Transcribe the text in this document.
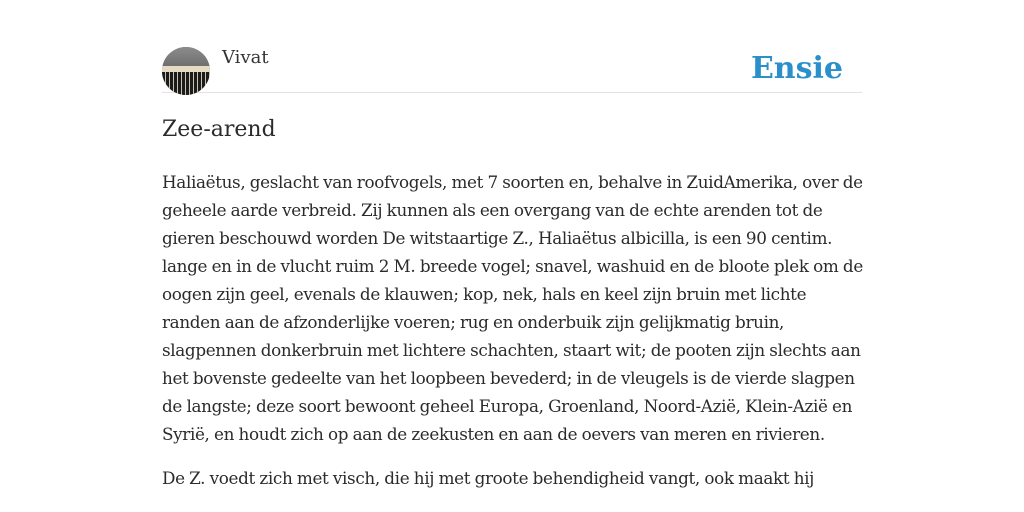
Vivat	Ensie
Zee-arend

Haliaëtus, geslacht van roofvogels, met 7 soorten en, behalve in ZuidAmerika, over de geheele aarde verbreid. Zij kunnen als een overgang van de echte arenden tot de gieren beschouwd worden De witstaartige Z., Haliaëtus albicilla, is een 90 centim. lange en in de vlucht ruim 2 M. breede vogel; snavel, washuid en de bloote plek om de oogen zijn geel, evenals de klauwen; kop, nek, hals en keel zijn bruin met lichte randen aan de afzonderlijke voeren; rug en onderbuik zijn gelijkmatig bruin, slagpennen donkerbruin met lichtere schachten, staart wit; de pooten zijn slechts aan het bovenste gedeelte van het loopbeen bevederd; in de vleugels is de vierde slagpen de langste; deze soort bewoont geheel Europa, Groenland, Noord-Azië, Klein-Azië en Syrië, en houdt zich op aan de zeekusten en aan de oevers van meren en rivieren.

De Z. voedt zich met visch, die hij met groote behendigheid vangt, ook maakt hij
